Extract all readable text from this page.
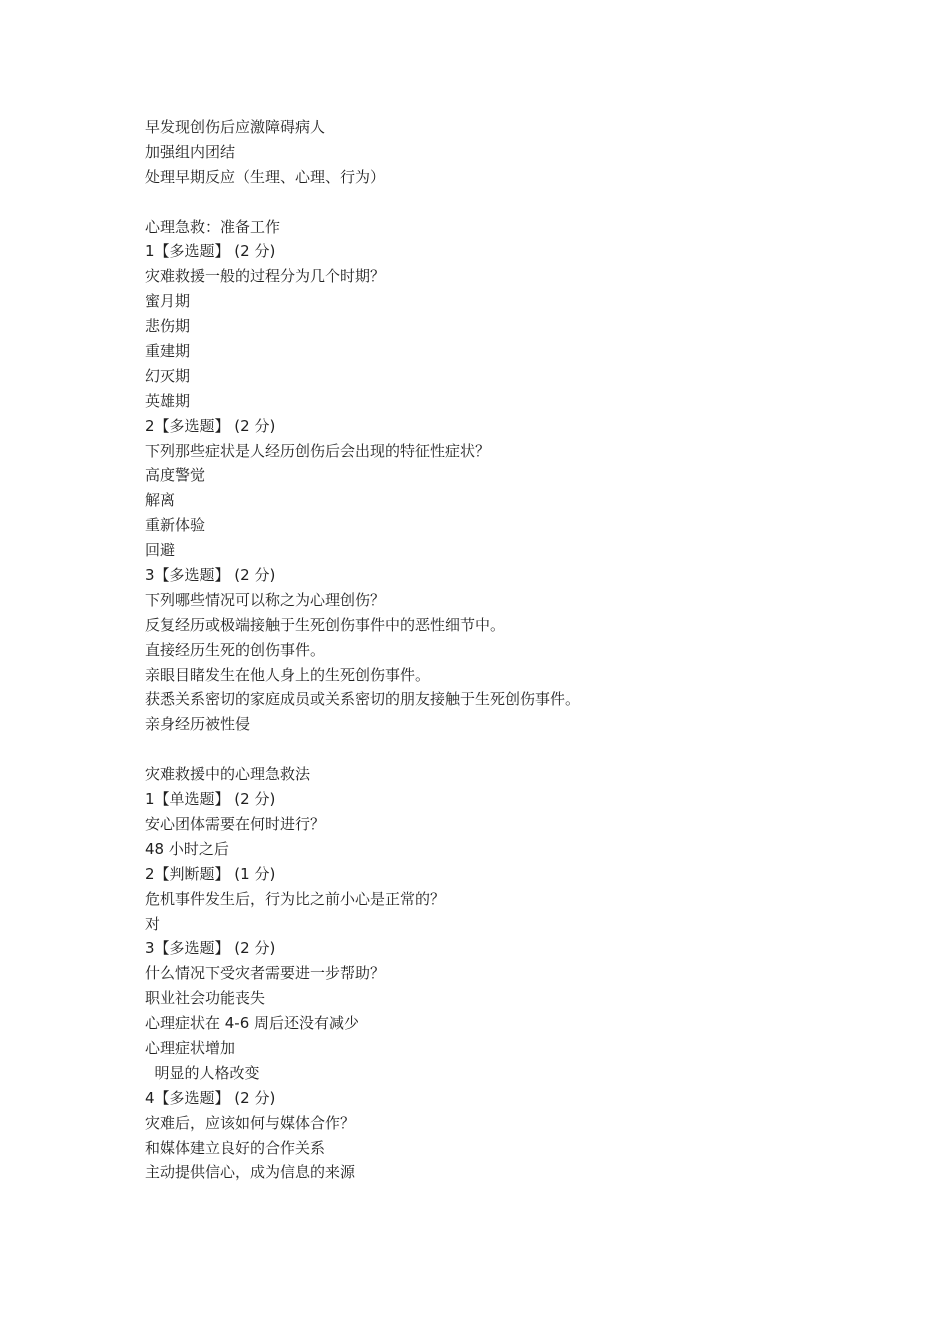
早发现创伤后应激障碍病人
加强组内团结
处理早期反应（生理、心理、行为）
心理急救：准备工作
1【多选题】 (2 分)
灾难救援一般的过程分为几个时期？
蜜月期
悲伤期
重建期
幻灭期
英雄期
2【多选题】 (2 分)
下列那些症状是人经历创伤后会出现的特征性症状？
高度警觉
解离
重新体验
回避
3【多选题】 (2 分)
下列哪些情况可以称之为心理创伤？
反复经历或极端接触于生死创伤事件中的恶性细节中。
直接经历生死的创伤事件。
亲眼目睹发生在他人身上的生死创伤事件。
获悉关系密切的家庭成员或关系密切的朋友接触于生死创伤事件。
亲身经历被性侵
灾难救援中的心理急救法
1【单选题】 (2 分)
安心团体需要在何时进行？
48 小时之后
2【判断题】 (1 分)
危机事件发生后，行为比之前小心是正常的？
对
3【多选题】 (2 分)
什么情况下受灾者需要进一步帮助？
职业社会功能丧失
心理症状在 4-6 周后还没有减少
心理症状增加
明显的人格改变
4【多选题】 (2 分)
灾难后，应该如何与媒体合作？
和媒体建立良好的合作关系
主动提供信心，成为信息的来源
